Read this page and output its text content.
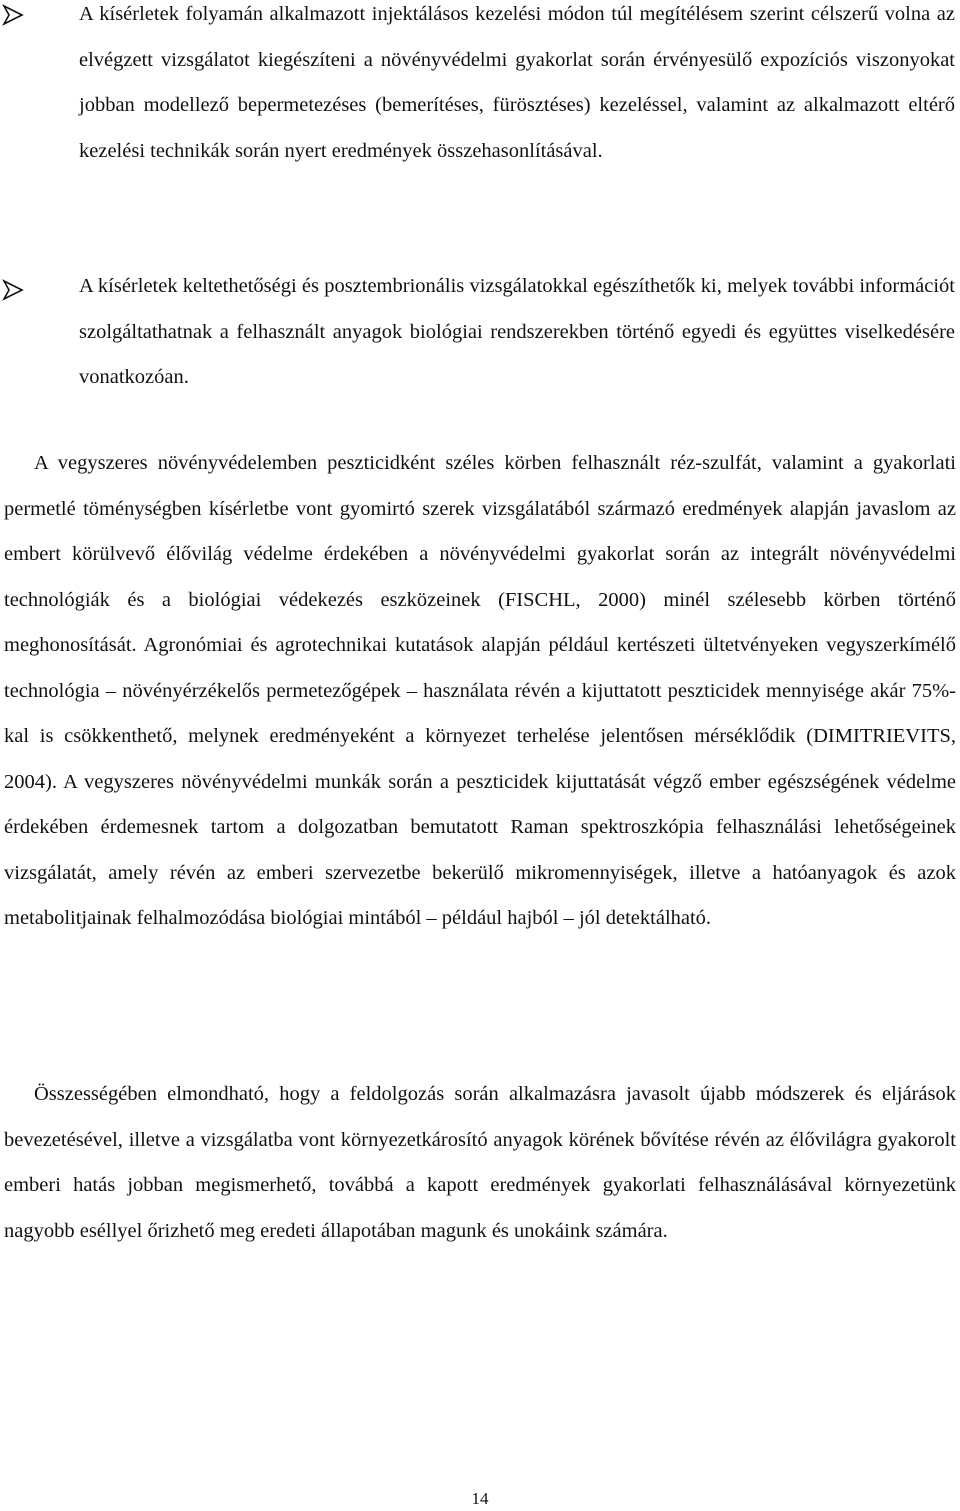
A kísérletek folyamán alkalmazott injektálásos kezelési módon túl megítélésem szerint célszerű volna az elvégzett vizsgálatot kiegészíteni a növényvédelmi gyakorlat során érvényesülő expozíciós viszonyokat jobban modellező bepermetezéses (bemerítéses, fürösztéses) kezeléssel, valamint az alkalmazott eltérő kezelési technikák során nyert eredmények összehasonlításával.

A kísérletek keltethetőségi és posztembrionális vizsgálatokkal egészíthetők ki, melyek további információt szolgáltathatnak a felhasznált anyagok biológiai rendszerekben történő egyedi és együttes viselkedésére vonatkozóan.

A vegyszeres növényvédelemben peszticidként széles körben felhasznált réz-szulfát, valamint a gyakorlati permetlé töménységben kísérletbe vont gyomirtó szerek vizsgálatából származó eredmények alapján javaslom az embert körülvevő élővilág védelme érdekében a növényvédelmi gyakorlat során az integrált növényvédelmi technológiák és a biológiai védekezés eszközeinek (FISCHL, 2000) minél szélesebb körben történő meghonosítását. Agronómiai és agrotechnikai kutatások alapján például kertészeti ültetvényeken vegyszerkímélő technológia – növényérzékelős permetezőgépek – használata révén a kijuttatott peszticidek mennyisége akár 75%-kal is csökkenthető, melynek eredményeként a környezet terhelése jelentősen mérséklődik (DIMITRIEVITS, 2004). A vegyszeres növényvédelmi munkák során a peszticidek kijuttatását végző ember egészségének védelme érdekében érdemesnek tartom a dolgozatban bemutatott Raman spektroszkópia felhasználási lehetőségeinek vizsgálatát, amely révén az emberi szervezetbe bekerülő mikromennyiségek, illetve a hatóanyagok és azok metabolitjainak felhalmozódása biológiai mintából – például hajból – jól detektálható.

Összességében elmondható, hogy a feldolgozás során alkalmazásra javasolt újabb módszerek és eljárások bevezetésével, illetve a vizsgálatba vont környezetkárosító anyagok körének bővítése révén az élővilágra gyakorolt emberi hatás jobban megismerhető, továbbá a kapott eredmények gyakorlati felhasználásával környezetünk nagyobb eséllyel őrizhető meg eredeti állapotában magunk és unokáink számára.

14
